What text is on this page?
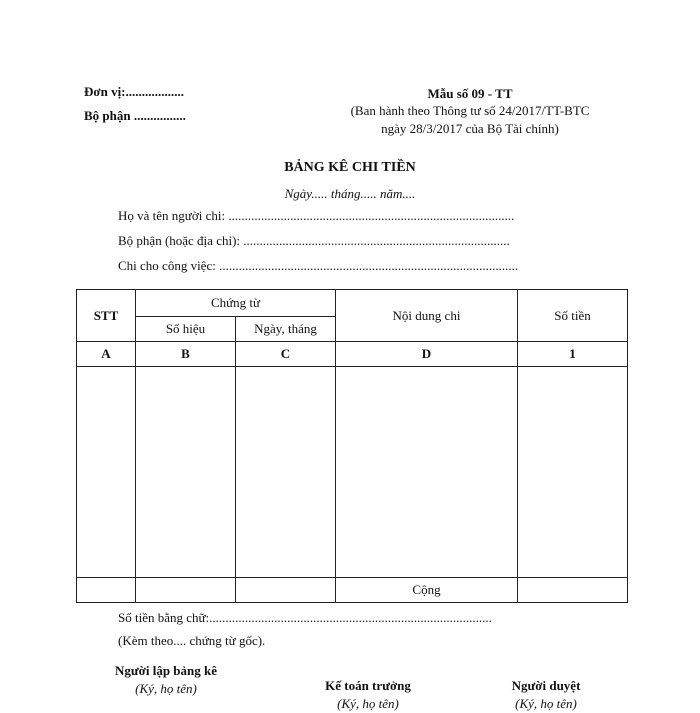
Đơn vị:..................
Bộ phận ................
Mẫu số 09 - TT
(Ban hành theo Thông tư số 24/2017/TT-BTC
ngày 28/3/2017 của Bộ Tài chính)
BẢNG KÊ CHI TIỀN
Ngày..... tháng..... năm....
Họ và tên người chi: ........................................................................................
Bộ phận (hoặc địa chỉ): ..................................................................................
Chi cho công việc: ............................................................................................
STT	Chứng từ		Nội dung chi	Số tiền
	Số hiệu	Ngày, tháng		
A	B	C	D	1

			Cộng	
Số tiền bằng chữ:.......................................................................................
(Kèm theo.... chứng từ gốc).
Người lập bảng kê
(Ký, họ tên)	Kế toán trưởng
(Ký, họ tên)
Người duyệt
(Ký, họ tên)
